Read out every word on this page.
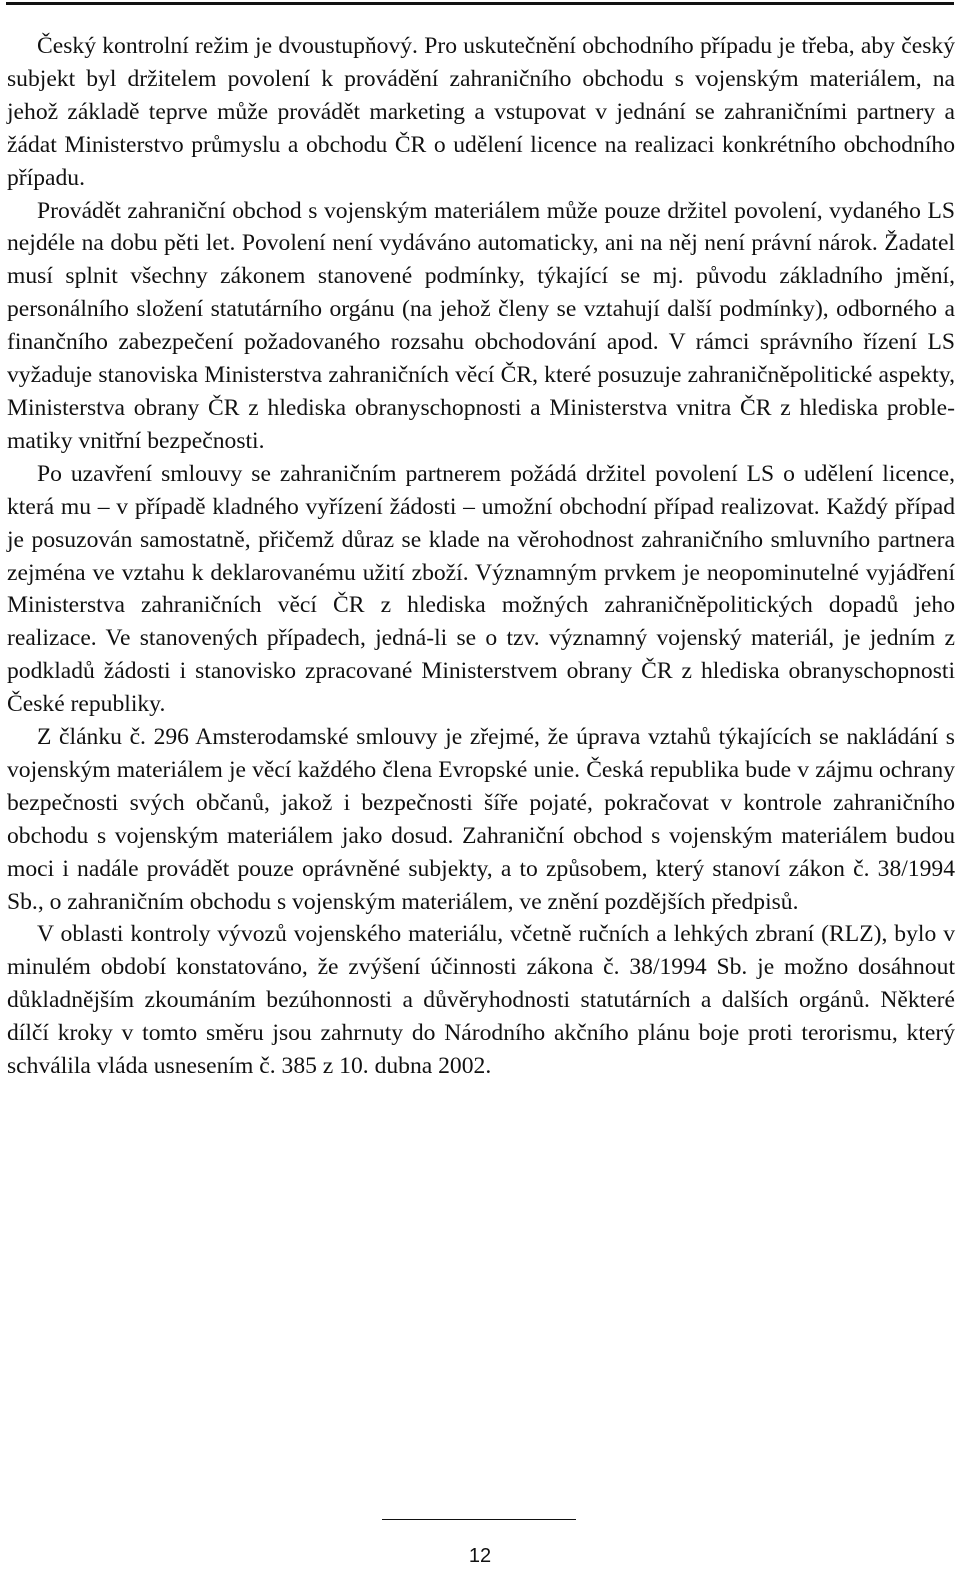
Český kontrolní režim je dvoustupňový. Pro uskutečnění obchodního případu je třeba, aby český subjekt byl držitelem povolení k provádění zahraničního obchodu s vojenským materiálem, na jehož základě teprve může provádět marketing a vstupovat v jednání se zahraničními partnery a žádat Ministerstvo průmyslu a obchodu ČR o udělení licence na realizaci konkrétního obchodního případu.

Provádět zahraniční obchod s vojenským materiálem může pouze držitel povolení, vydaného LS nejdéle na dobu pěti let. Povolení není vydáváno automaticky, ani na něj není právní nárok. Žadatel musí splnit všechny zákonem stanovené podmínky, týkající se mj. původu základního jmění, personálního složení statutárního orgánu (na jehož členy se vztahují další podmínky), odborného a finančního zabezpečení požadovaného rozsahu obchodování apod. V rámci správního řízení LS vyžaduje stanoviska Ministerstva zahraničních věcí ČR, které posuzuje zahraničněpolitické aspekty, Ministerstva obrany ČR z hlediska obranyschopnosti a Ministerstva vnitra ČR z hlediska problematiky vnitřní bezpečnosti.

Po uzavření smlouvy se zahraničním partnerem požádá držitel povolení LS o udělení licence, která mu – v případě kladného vyřízení žádosti – umožní obchodní případ realizovat. Každý případ je posuzován samostatně, přičemž důraz se klade na věrohodnost zahraničního smluvního partnera zejména ve vztahu k deklarovanému užití zboží. Významným prvkem je neopominutelné vyjádření Ministerstva zahraničních věcí ČR z hlediska možných zahraničněpolitických dopadů jeho realizace. Ve stanovených případech, jedná-li se o tzv. významný vojenský materiál, je jedním z podkladů žádosti i stanovisko zpracované Ministerstvem obrany ČR z hlediska obranyschopnosti České republiky.

Z článku č. 296 Amsterodamské smlouvy je zřejmé, že úprava vztahů týkajících se nakládání s vojenským materiálem je věcí každého člena Evropské unie. Česká republika bude v zájmu ochrany bezpečnosti svých občanů, jakož i bezpečnosti šíře pojaté, pokračovat v kontrole zahraničního obchodu s vojenským materiálem jako dosud. Zahraniční obchod s vojenským materiálem budou moci i nadále provádět pouze oprávněné subjekty, a to způsobem, který stanoví zákon č. 38/1994 Sb., o zahraničním obchodu s vojenským materiálem, ve znění pozdějších předpisů.

V oblasti kontroly vývozů vojenského materiálu, včetně ručních a lehkých zbraní (RLZ), bylo v minulém období konstatováno, že zvýšení účinnosti zákona č. 38/1994 Sb. je možno dosáhnout důkladnějším zkoumáním bezúhonnosti a důvěryhodnosti statutárních a dalších orgánů. Některé dílčí kroky v tomto směru jsou zahrnuty do Národního akčního plánu boje proti terorismu, který schválila vláda usnesením č. 385 z 10. dubna 2002.

12
